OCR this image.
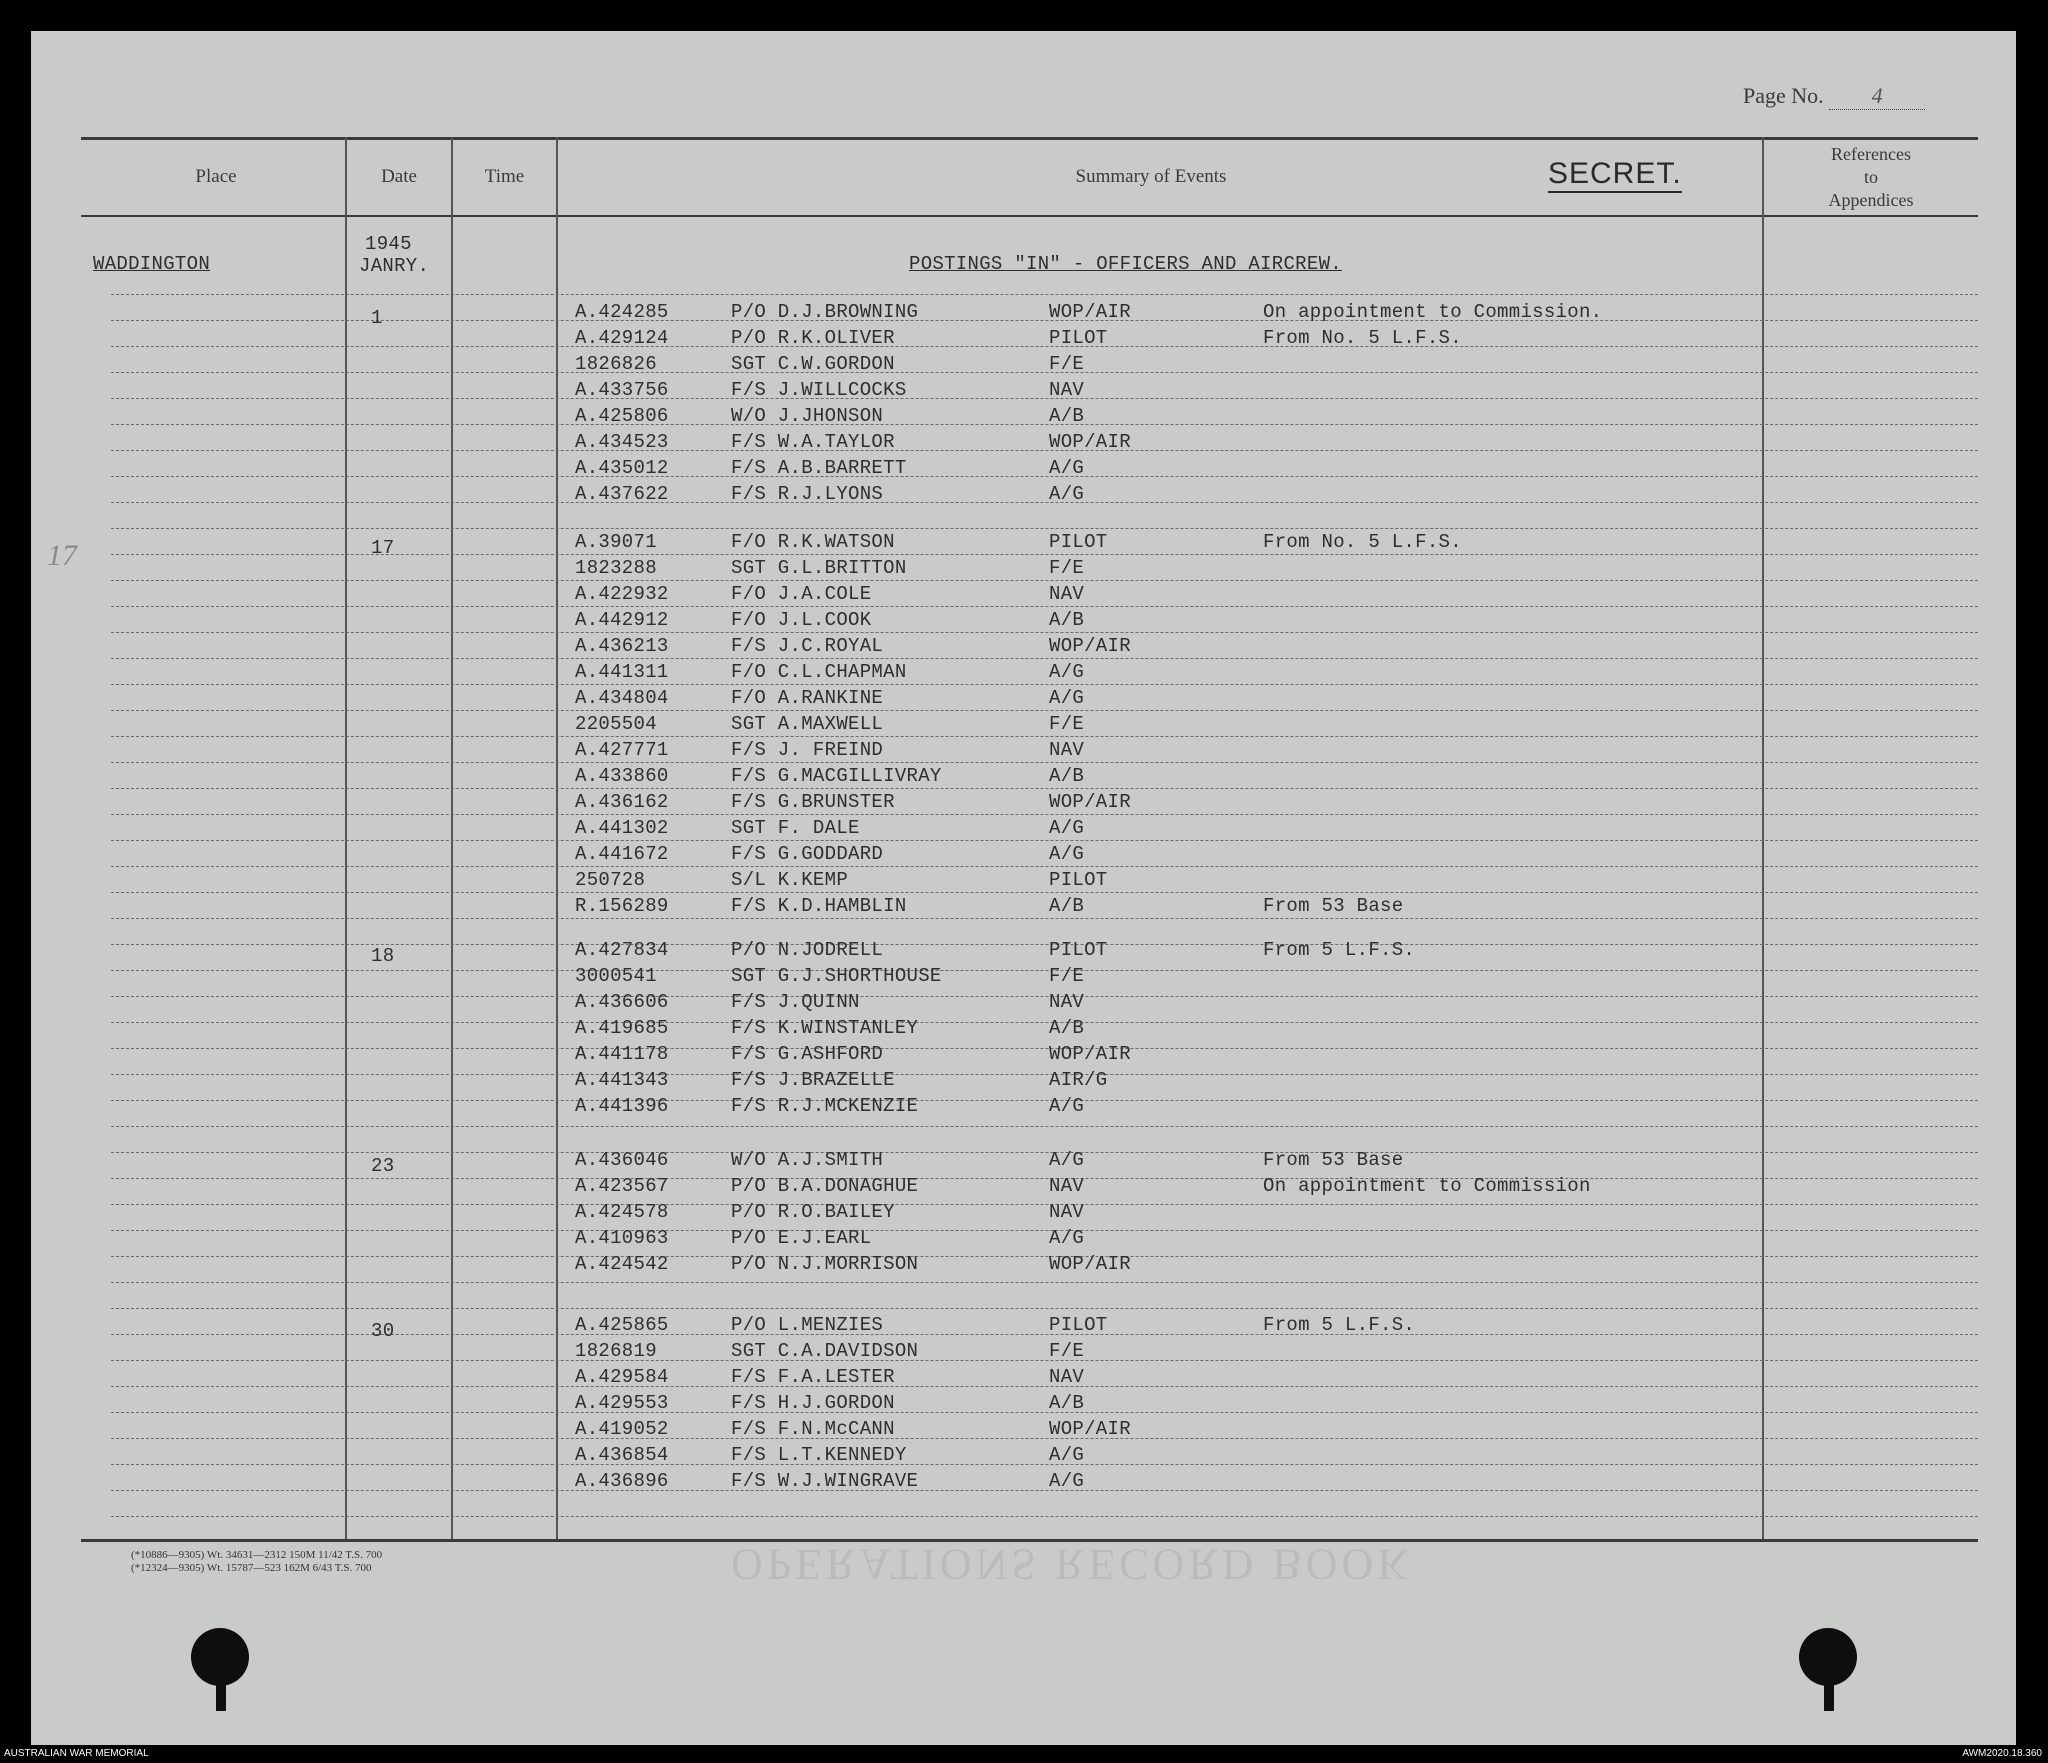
OPERATIONS RECORD BOOK
Page No. 4
Place	Date	Time	Summary of Events	SECRET.
References
to
Appendices
WADDINGTON
1945
JANRY.	POSTINGS "IN" - OFFICERS AND AIRCREW.
17
1	A.424285	P/O D.J.BROWNING	WOP/AIR	On appointment to Commission.
A.429124	P/O R.K.OLIVER	PILOT	From No. 5 L.F.S.
1826826	SGT C.W.GORDON	F/E
A.433756	F/S J.WILLCOCKS	NAV
A.425806	W/O J.JHONSON	A/B
A.434523	F/S W.A.TAYLOR	WOP/AIR
A.435012	F/S A.B.BARRETT	A/G
A.437622	F/S R.J.LYONS	A/G
17	A.39071	F/O R.K.WATSON	PILOT	From No. 5 L.F.S.
1823288	SGT G.L.BRITTON	F/E
A.422932	F/O J.A.COLE	NAV
A.442912	F/O J.L.COOK	A/B
A.436213	F/S J.C.ROYAL	WOP/AIR
A.441311	F/O C.L.CHAPMAN	A/G
A.434804	F/O A.RANKINE	A/G
2205504	SGT A.MAXWELL	F/E
A.427771	F/S J. FREIND	NAV
A.433860	F/S G.MACGILLIVRAY	A/B
A.436162	F/S G.BRUNSTER	WOP/AIR
A.441302	SGT F. DALE	A/G
A.441672	F/S G.GODDARD	A/G
250728	S/L K.KEMP	PILOT
R.156289	F/S K.D.HAMBLIN	A/B	From 53 Base
18	A.427834	P/O N.JODRELL	PILOT	From 5 L.F.S.
3000541	SGT G.J.SHORTHOUSE	F/E
A.436606	F/S J.QUINN	NAV
A.419685	F/S K.WINSTANLEY	A/B
A.441178	F/S G.ASHFORD	WOP/AIR
A.441343	F/S J.BRAZELLE	AIR/G
A.441396	F/S R.J.MCKENZIE	A/G
23	A.436046	W/O A.J.SMITH	A/G	From 53 Base
A.423567	P/O B.A.DONAGHUE	NAV	On appointment to Commission
A.424578	P/O R.O.BAILEY	NAV
A.410963	P/O E.J.EARL	A/G
A.424542	P/O N.J.MORRISON	WOP/AIR
30	A.425865	P/O L.MENZIES	PILOT	From 5 L.F.S.
1826819	SGT C.A.DAVIDSON	F/E
A.429584	F/S F.A.LESTER	NAV
A.429553	F/S H.J.GORDON	A/B
A.419052	F/S F.N.McCANN	WOP/AIR
A.436854	F/S L.T.KENNEDY	A/G
A.436896	F/S W.J.WINGRAVE	A/G
(*10886—9305) Wt. 34631—2312 150M 11/42 T.S. 700
(*12324—9305) Wt. 15787—523 162M 6/43 T.S. 700
AUSTRALIAN WAR MEMORIAL	AWM2020.18.360
